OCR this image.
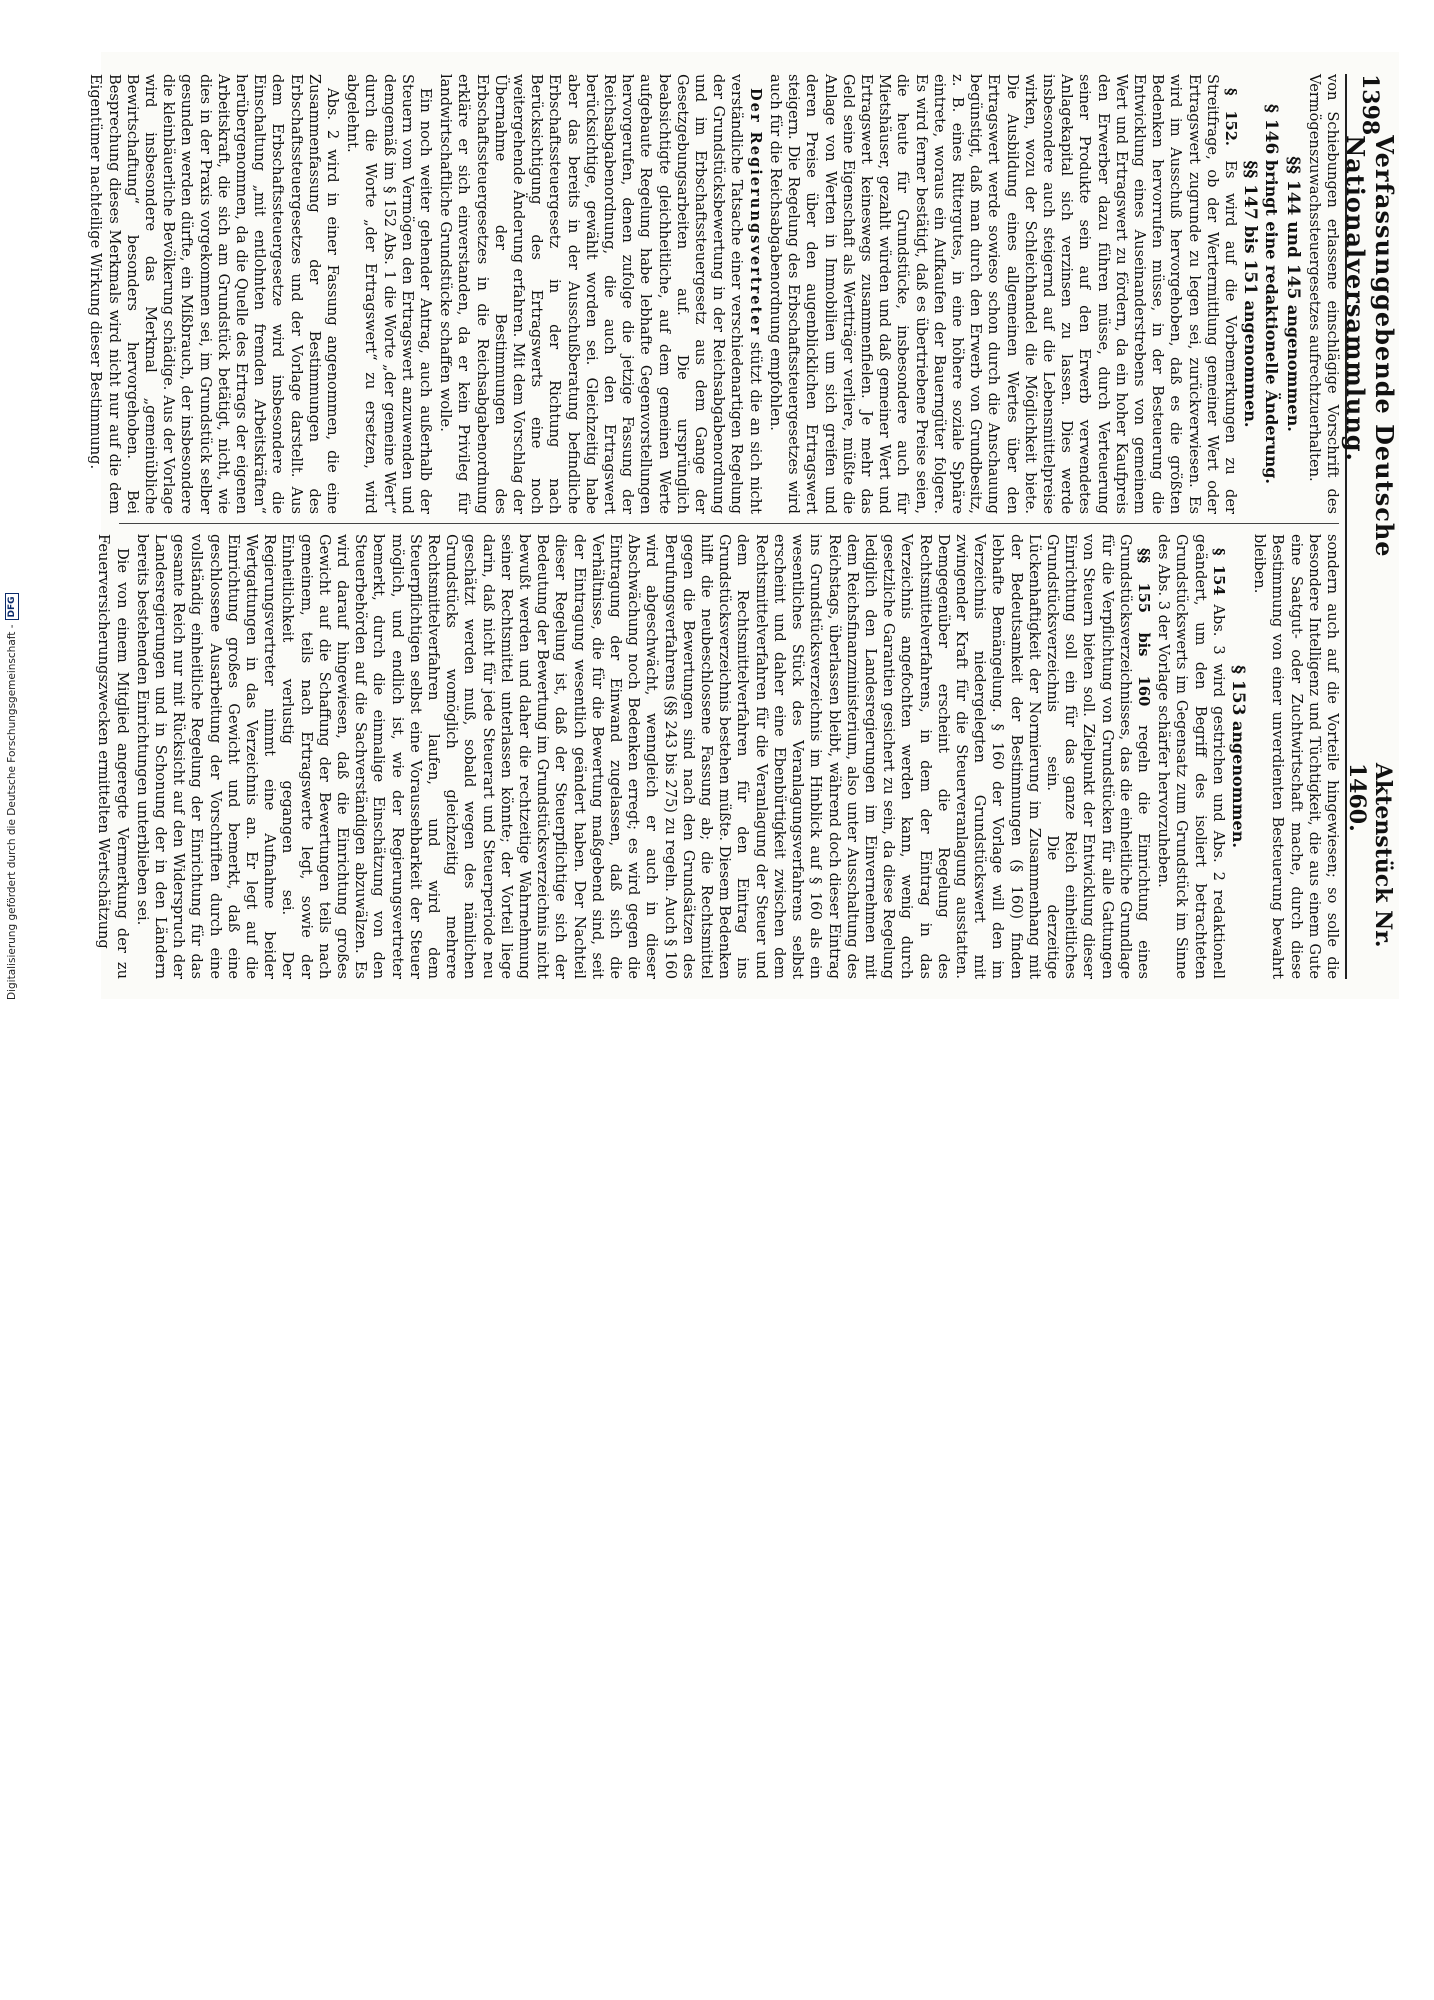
1398
Verfassunggebende Deutsche Nationalversammlung.
Aktenstück Nr. 1460.

von Schiebungen erlassene einschlägige Vorschrift des Vermögenszuwachssteuergesetzes aufrechtzuerhalten.

§§ 144 und 145 angenommen.
§ 146 bringt eine redaktionelle Änderung.
§§ 147 bis 151 angenommen.

§ 152. Es wird auf die Vorbemerkungen zu der Streitfrage, ob der Wertermittlung gemeiner Wert oder Ertragswert zugrunde zu legen sei, zurückverwiesen. Es wird im Ausschuß hervorgehoben, daß es die größten Bedenken hervorrufen müsse, in der Besteuerung die Entwicklung eines Auseinanderstrebens von gemeinem Wert und Ertragswert zu fördern, da ein hoher Kaufpreis den Erwerber dazu führen müsse, durch Verteuerung seiner Produkte sein auf den Erwerb verwendetes Anlagekapital sich verzinsen zu lassen. Dies werde insbesondere auch steigernd auf die Lebensmittelpreise wirken, wozu der Schleichhandel die Möglichkeit biete. Die Ausbildung eines allgemeinen Wertes über den Ertragswert werde sowieso schon durch die Anschauung begünstigt, daß man durch den Erwerb von Grundbesitz, z. B. eines Rittergutes, in eine höhere soziale Sphäre eintrete, woraus ein Aufkaufen der Bauerngüter folgere. Es wird ferner bestätigt, daß es übertriebene Preise seien, die heute für Grundstücke, insbesondere auch für Mietshäuser, gezahlt würden und daß gemeiner Wert und Ertragswert keineswegs zusammenfielen. Je mehr das Geld seine Eigenschaft als Wertträger verliere, müßte die Anlage von Werten in Immobilien um sich greifen und deren Preise über den augenblicklichen Ertragswert steigern. Die Regelung des Erbschaftssteuergesetzes wird auch für die Reichsabgabenordnung empfohlen.

Der Regierungsvertreter stützt die an sich nicht verständliche Tatsache einer verschiedenartigen Regelung der Grundstücksbewertung in der Reichsabgabenordnung und im Erbschaftssteuergesetz aus dem Gange der Gesetzgebungsarbeiten auf. Die ursprünglich beabsichtigte gleichheitliche, auf dem gemeinen Werte aufgebaute Regelung habe lebhafte Gegenvorstellungen hervorgerufen, denen zufolge die jetzige Fassung der Reichsabgabenordnung, die auch den Ertragswert berücksichtige, gewählt worden sei. Gleichzeitig habe aber das bereits in der Ausschußberatung befindliche Erbschaftssteuergesetz in der Richtung nach Berücksichtigung des Ertragswerts eine noch weitergehende Änderung erfahren. Mit dem Vorschlag der Übernahme der Bestimmungen des Erbschaftssteuergesetzes in die Reichsabgabenordnung erkläre er sich einverstanden, da er kein Privileg für landwirtschaftliche Grundstücke schaffen wolle.

Ein noch weiter gehender Antrag, auch außerhalb der Steuern vom Vermögen den Ertragswert anzuwenden und demgemäß im § 152 Abs. 1 die Worte „der gemeine Wert“ durch die Worte „der Ertragswert“ zu ersetzen, wird abgelehnt.

Abs. 2 wird in einer Fassung angenommen, die eine Zusammenfassung der Bestimmungen des Erbschaftssteuergesetzes und der Vorlage darstellt. Aus dem Erbschaftssteuergesetze wird insbesondere die Einschaltung „mit entlohnten fremden Arbeitskräften“ herübergenommen, da die Quelle des Ertrags der eigenen Arbeitskraft, die sich am Grundstück betätigt, nicht, wie dies in der Praxis vorgekommen sei, im Grundstück selber gesunden werden dürfte, ein Mißbrauch, der insbesondere die kleinbäuerliche Bevölkerung schädige. Aus der Vorlage wird insbesondere das Merkmal „gemeinübliche Bewirtschaftung“ besonders hervorgehoben. Bei Besprechung dieses Merkmals wird nicht nur auf die dem Eigentümer nachteilige Wirkung dieser Bestimmung.

sondern auch auf die Vorteile hingewiesen; so solle die besondere Intelligenz und Tüchtigkeit, die aus einem Gute eine Saatgut- oder Zuchtwirtschaft mache, durch diese Bestimmung von einer unverdienten Besteuerung bewahrt bleiben.

§ 153 angenommen.

§ 154 Abs. 3 wird gestrichen und Abs. 2 redaktionell geändert, um den Begriff des isoliert betrachteten Grundstückswerts im Gegensatz zum Grundstück im Sinne des Abs. 3 der Vorlage schärfer hervorzuheben.

§§ 155 bis 160 regeln die Einrichtung eines Grundstücksverzeichnisses, das die einheitliche Grundlage für die Verpflichtung von Grundstücken für alle Gattungen von Steuern bieten soll. Zielpunkt der Entwicklung dieser Einrichtung soll ein für das ganze Reich einheitliches Grundstücksverzeichnis sein. Die derzeitige Lückenhaftigkeit der Normierung im Zusammenhang mit der Bedeutsamkeit der Bestimmungen (§ 160) finden lebhafte Bemängelung. § 160 der Vorlage will den im Verzeichnis niedergelegten Grundstückswert mit zwingender Kraft für die Steuerveranlagung ausstatten. Demgegenüber erscheint die Regelung des Rechtsmittelverfahrens, in dem der Eintrag in das Verzeichnis angefochten werden kann, wenig durch gesetzliche Garantien gesichert zu sein, da diese Regelung lediglich den Landesregierungen im Einvernehmen mit dem Reichsfinanzministerium, also unter Ausschaltung des Reichstags, überlassen bleibt, während doch dieser Eintrag ins Grundstücksverzeichnis im Hinblick auf § 160 als ein wesentliches Stück des Veranlagungsverfahrens selbst erscheint und daher eine Ebenbürtigkeit zwischen dem Rechtsmittelverfahren für die Veranlagung der Steuer und dem Rechtsmittelverfahren für den Eintrag ins Grundstücksverzeichnis bestehen müßte. Diesem Bedenken hilft die neubeschlossene Fassung ab; die Rechtsmittel gegen die Bewertungen sind nach den Grundsätzen des Berufungsverfahrens (§§ 243 bis 275) zu regeln. Auch § 160 wird abgeschwächt, wenngleich er auch in dieser Abschwächung noch Bedenken erregt; es wird gegen die Eintragung der Einwand zugelassen, daß sich die Verhältnisse, die für die Bewertung maßgebend sind, seit der Eintragung wesentlich geändert haben. Der Nachteil dieser Regelung ist, daß der Steuerpflichtige sich der Bedeutung der Bewertung im Grundstücksverzeichnis nicht bewußt werden und daher die rechtzeitige Wahrnehmung seiner Rechtsmittel unterlassen könnte; der Vorteil liege darin, daß nicht für jede Steuerart und Steuerperiode neu geschätzt werden muß, sobald wegen des nämlichen Grundstücks womöglich gleichzeitig mehrere Rechtsmittelverfahren laufen, und wird dem Steuerpflichtigen selbst eine Voraussehbarkeit der Steuer möglich, und endlich ist, wie der Regierungsvertreter bemerkt, durch die einmalige Einschätzung von den Steuerbehörden auf die Sachverständigen abzuwälzen. Es wird darauf hingewiesen, daß die Einrichtung großes Gewicht auf die Schaffung der Bewertungen teils nach gemeinem, teils nach Ertragswerte legt, sowie der Einheitlichkeit verlustig gegangen sei. Der Regierungsvertreter nimmt eine Aufnahme beider Wertgattungen in das Verzeichnis an. Er legt auf die Einrichtung großes Gewicht und bemerkt, daß eine geschlossene Ausarbeitung der Vorschriften durch eine vollständig einheitliche Regelung der Einrichtung für das gesamte Reich nur mit Rücksicht auf den Widerspruch der Landesregierungen und in Schonung der in den Ländern bereits bestehenden Einrichtungen unterblieben sei.

Die von einem Mitglied angeregte Vermerkung der zu Feuerversicherungszwecken ermittelten Wertschätzung

Digitalisierung gefördert durch die Deutsche Forschungsgemeinschaft -
DFG
